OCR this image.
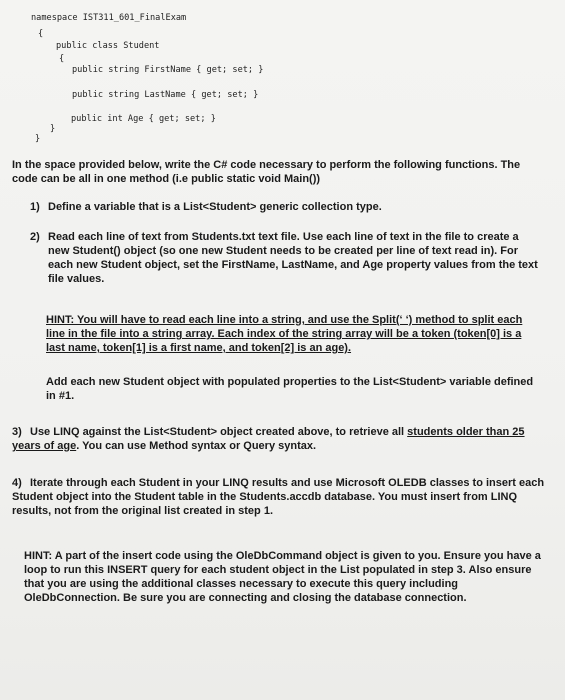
namespace IST311_601_FinalExam
{
public class Student
{
public string FirstName { get; set; }
public string LastName { get; set; }
public int Age { get; set; }
}
}
In the space provided below, write the C# code necessary to perform the following functions. The code can be all in one method (i.e public static void Main())
1) Define a variable that is a List<Student> generic collection type.
2) Read each line of text from Students.txt text file. Use each line of text in the file to create a new Student() object (so one new Student needs to be created per line of text read in). For each new Student object, set the FirstName, LastName, and Age property values from the text file values.
HINT: You will have to read each line into a string, and use the Split(‘ ‘) method to split each line in the file into a string array. Each index of the string array will be a token (token[0] is a last name, token[1] is a first name, and token[2] is an age).
Add each new Student object with populated properties to the List<Student> variable defined in #1.
3) Use LINQ against the List<Student> object created above, to retrieve all students older than 25 years of age. You can use Method syntax or Query syntax.
4) Iterate through each Student in your LINQ results and use Microsoft OLEDB classes to insert each Student object into the Student table in the Students.accdb database. You must insert from LINQ results, not from the original list created in step 1.
HINT: A part of the insert code using the OleDbCommand object is given to you. Ensure you have a loop to run this INSERT query for each student object in the List populated in step 3. Also ensure that you are using the additional classes necessary to execute this query including OleDbConnection. Be sure you are connecting and closing the database connection.
